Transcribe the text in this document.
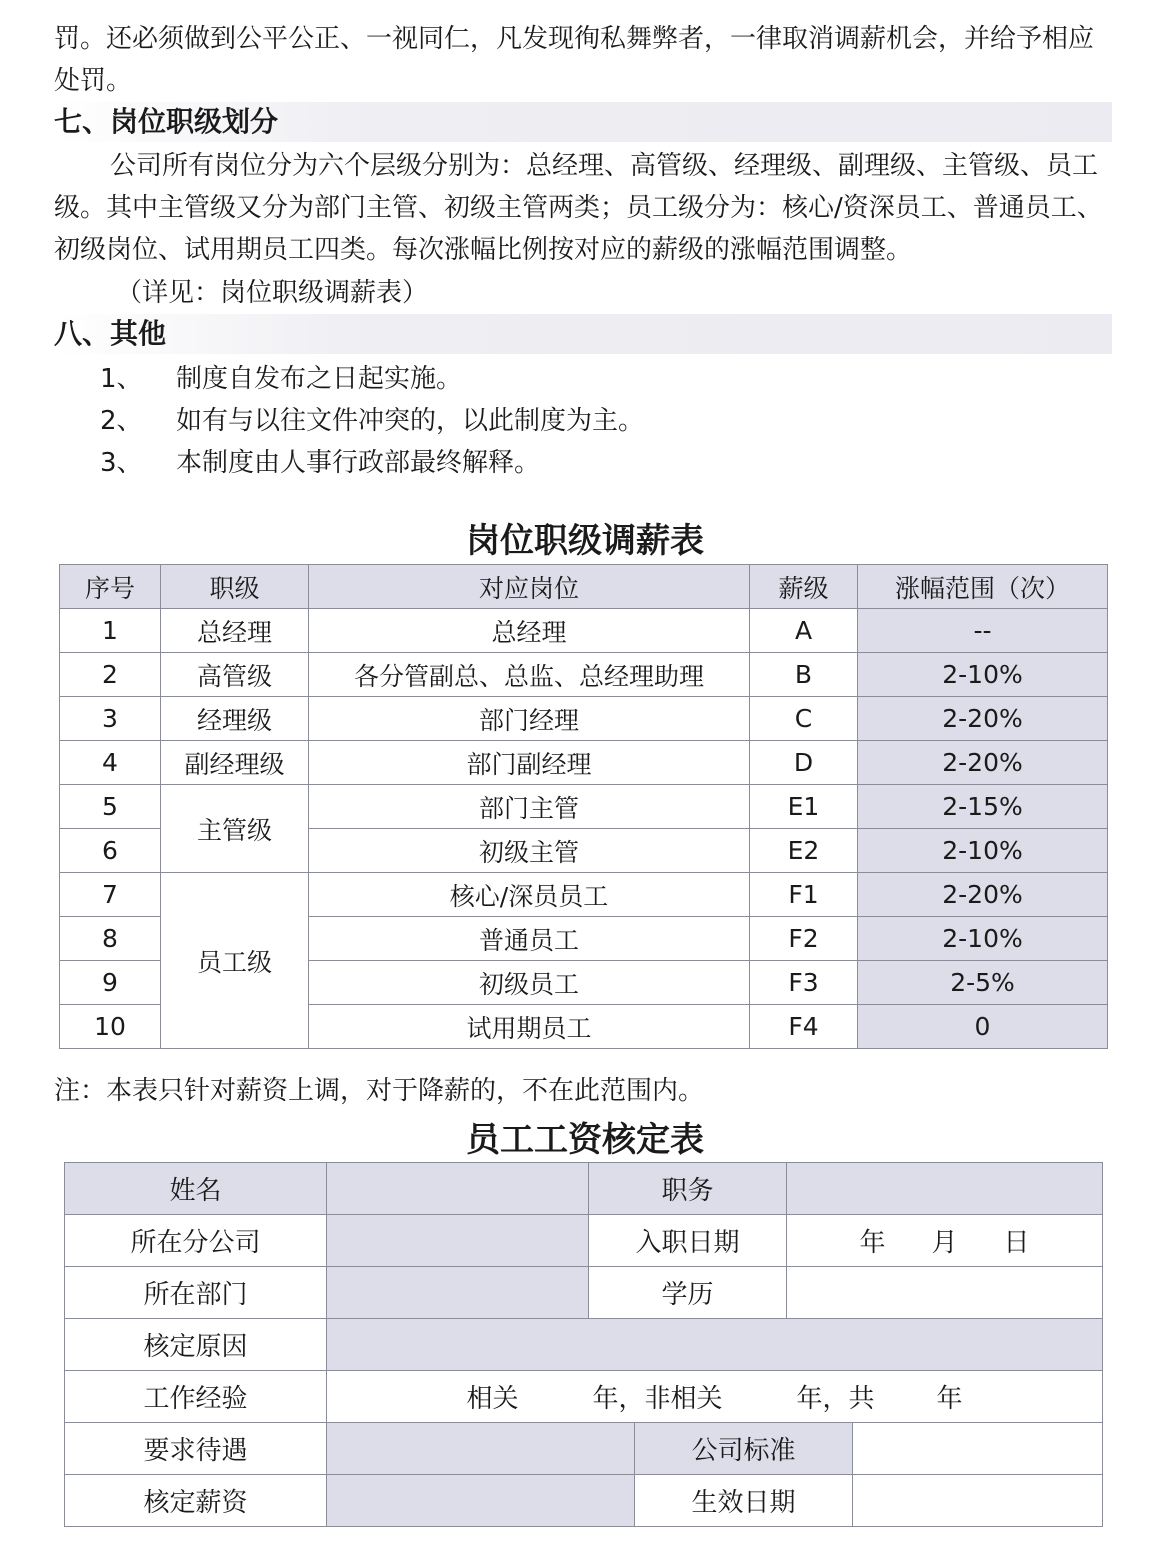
罚。还必须做到公平公正、一视同仁，凡发现徇私舞弊者，一律取消调薪机会，并给予相应处罚。

七、岗位职级划分

公司所有岗位分为六个层级分别为：总经理、高管级、经理级、副理级、主管级、员工级。其中主管级又分为部门主管、初级主管两类；员工级分为：核心/资深员工、普通员工、初级岗位、试用期员工四类。每次涨幅比例按对应的薪级的涨幅范围调整。

（详见：岗位职级调薪表）

八、其他

1、 制度自发布之日起实施。

2、 如有与以往文件冲突的，以此制度为主。

3、 本制度由人事行政部最终解释。

岗位职级调薪表
序号	职级	对应岗位	薪级	涨幅范围（次）
1	总经理	总经理	A	--
2	高管级	各分管副总、总监、总经理助理	B	2-10%
3	经理级	部门经理	C	2-20%
4	副经理级	部门副经理	D	2-20%
5	主管级	部门主管	E1	2-15%
6		初级主管	E2	2-10%
7	员工级	核心/深员员工	F1	2-20%
8		普通员工	F2	2-10%
9		初级员工	F3	2-5%
10		试用期员工	F4	0

注：本表只针对薪资上调，对于降薪的，不在此范围内。

员工工资核定表
姓名		职务			
所在分公司		入职日期		年 月 日	
所在部门		学历			
核定原因					
工作经验	相关 年，非相关 年，共 年				
要求待遇			公司标准		
核定薪资			生效日期		
